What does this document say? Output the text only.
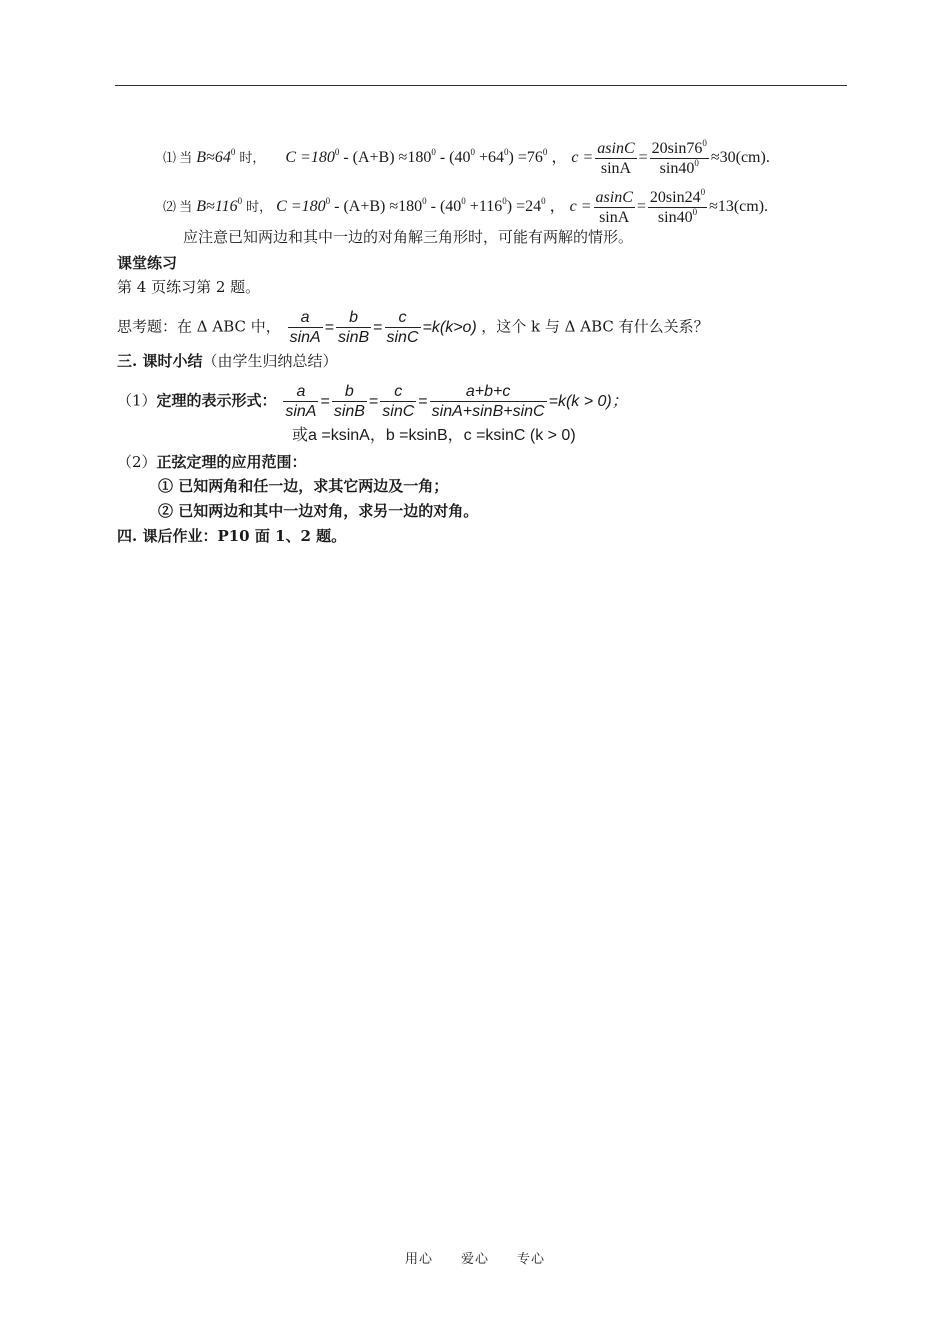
⑴ 当 $B\approx 64^0$ 时， $C =180^0 - (A+B) \approx 180^0 - (40^0 +64^0) =76^0$ ， $c = \frac{asinC}{\sin A} = \frac{20\sin 76^0}{\sin 40^0} \approx 30(cm)$.
⑵ 当 $B\approx 116^0$ 时， $C =180^0 - (A+B) \approx 180^0 - (40^0 +116^0) =24^0$ ， $c = \frac{asinC}{\sin A} = \frac{20\sin 24^0}{\sin 40^0} \approx 13(cm)$.
应注意已知两边和其中一边的对角解三角形时，可能有两解的情形。
课堂练习
第 4 页练习第 2 题。
思考题：在 Δ ABC 中， $\frac{a}{\sin A} = \frac{b}{\sin B} = \frac{c}{\sin C} =k(k>o)$ ，这个 k 与 Δ ABC 有什么关系？
三. 课时小结（由学生归纳总结）
（1）定理的表示形式： $\frac{a}{\sin A} = \frac{b}{\sin B} = \frac{c}{\sin C} = \frac{a+b+c}{\sin A+\sin B+\sin C} =k(k > 0)$；
或a =ksinA，b =ksinB，c =ksinC (k > 0)
（2）正弦定理的应用范围：
① 已知两角和任一边，求其它两边及一角；
② 已知两边和其中一边对角，求另一边的对角。
四. 课后作业：P10 面 1、2 题。
用心 爱心 专心
